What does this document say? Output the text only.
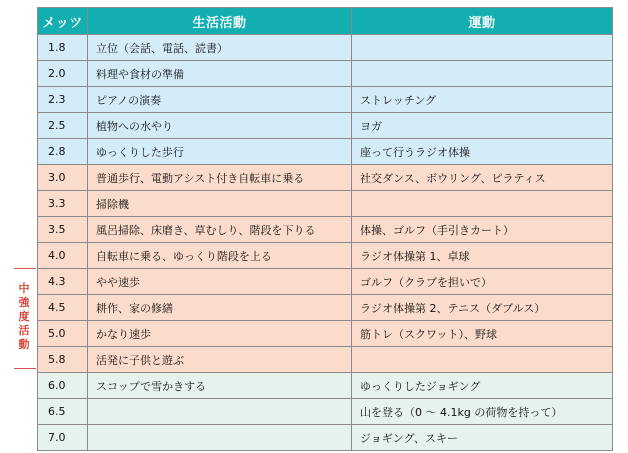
中強度活動
メッツ	生活活動	運動
1.8	立位（会話、電話、読書）	
2.0	料理や食材の準備	
2.3	ピアノの演奏	ストレッチング
2.5	植物への水やり	ヨガ
2.8	ゆっくりした歩行	座って行うラジオ体操
3.0	普通歩行、電動アシスト付き自転車に乗る	社交ダンス、ボウリング、ピラティス
3.3	掃除機	
3.5	風呂掃除、床磨き、草むしり、階段を下りる	体操、ゴルフ（手引きカート）
4.0	自転車に乗る、ゆっくり階段を上る	ラジオ体操第 1、卓球
4.3	やや速歩	ゴルフ（クラブを担いで）
4.5	耕作、家の修繕	ラジオ体操第 2、テニス（ダブルス）
5.0	かなり速歩	筋トレ（スクワット）、野球
5.8	活発に子供と遊ぶ	
6.0	スコップで雪かきする	ゆっくりしたジョギング
6.5		山を登る（0 〜 4.1kg の荷物を持って）
7.0		ジョギング、スキー
